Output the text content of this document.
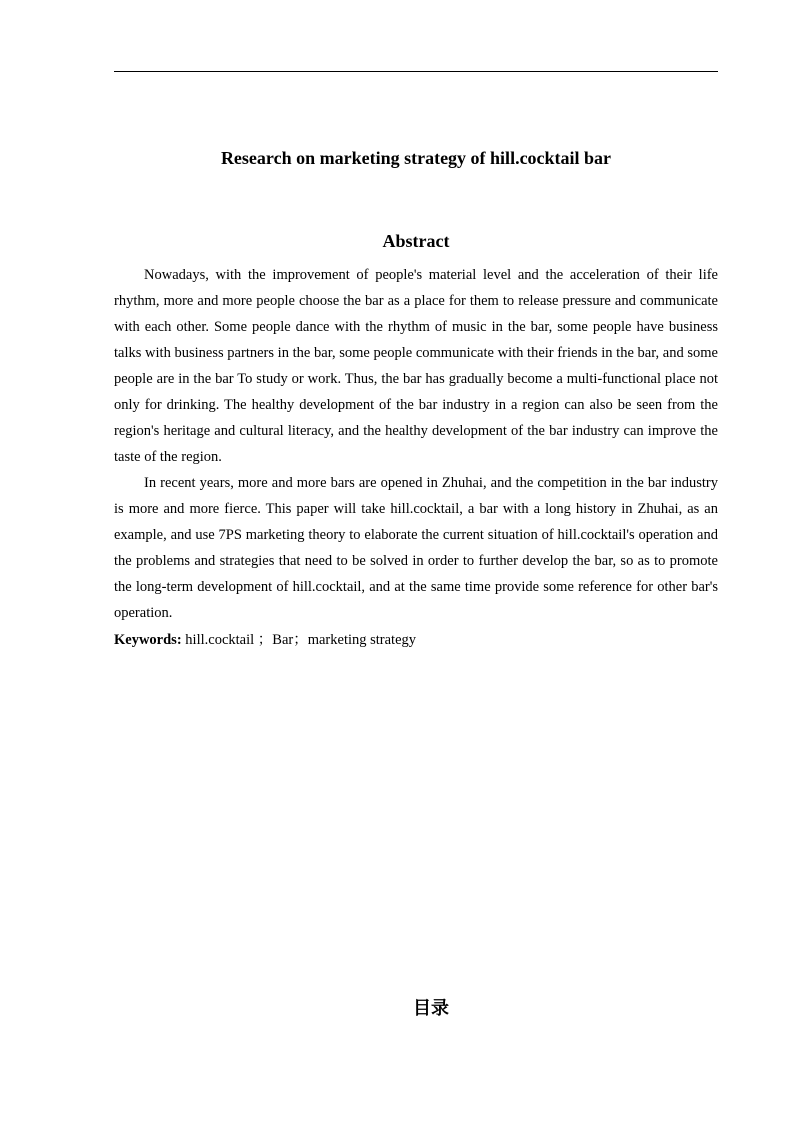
Research on marketing strategy of hill.cocktail bar
Abstract

Nowadays, with the improvement of people's material level and the acceleration of their life rhythm, more and more people choose the bar as a place for them to release pressure and communicate with each other. Some people dance with the rhythm of music in the bar, some people have business talks with business partners in the bar, some people communicate with their friends in the bar, and some people are in the bar To study or work. Thus, the bar has gradually become a multi-functional place not only for drinking. The healthy development of the bar industry in a region can also be seen from the region's heritage and cultural literacy, and the healthy development of the bar industry can improve the taste of the region.

In recent years, more and more bars are opened in Zhuhai, and the competition in the bar industry is more and more fierce. This paper will take hill.cocktail, a bar with a long history in Zhuhai, as an example, and use 7PS marketing theory to elaborate the current situation of hill.cocktail's operation and the problems and strategies that need to be solved in order to further develop the bar, so as to promote the long-term development of hill.cocktail, and at the same time provide some reference for other bar's operation.

Keywords: hill.cocktail ；Bar；marketing strategy

目录
